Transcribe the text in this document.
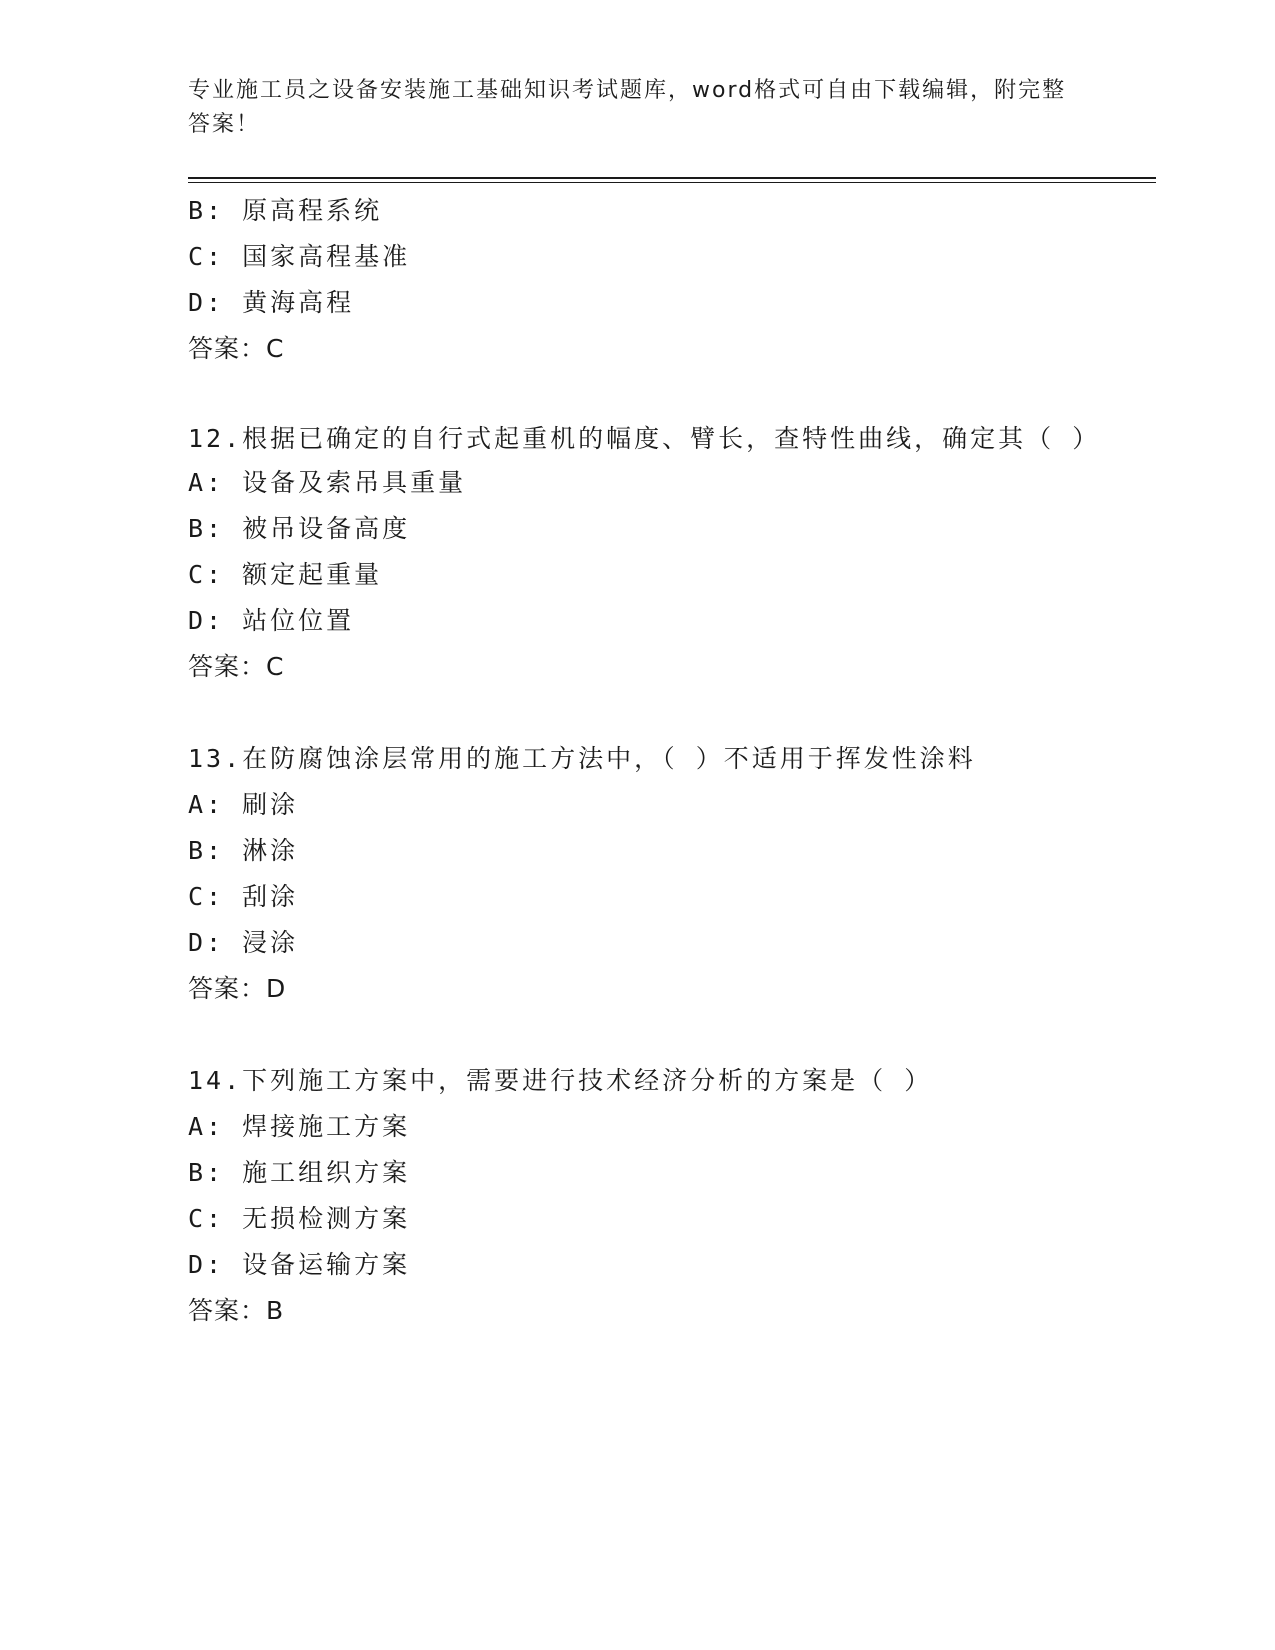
专业施工员之设备安装施工基础知识考试题库，word格式可自由下载编辑，附完整答案！
B: 原高程系统
C: 国家高程基准
D: 黄海高程
答案：C
12.根据已确定的自行式起重机的幅度、臂长，查特性曲线，确定其（ ）
A: 设备及索吊具重量
B: 被吊设备高度
C: 额定起重量
D: 站位位置
答案：C
13.在防腐蚀涂层常用的施工方法中，（ ）不适用于挥发性涂料
A: 刷涂
B: 淋涂
C: 刮涂
D: 浸涂
答案：D
14.下列施工方案中，需要进行技术经济分析的方案是（ ）
A: 焊接施工方案
B: 施工组织方案
C: 无损检测方案
D: 设备运输方案
答案：B
